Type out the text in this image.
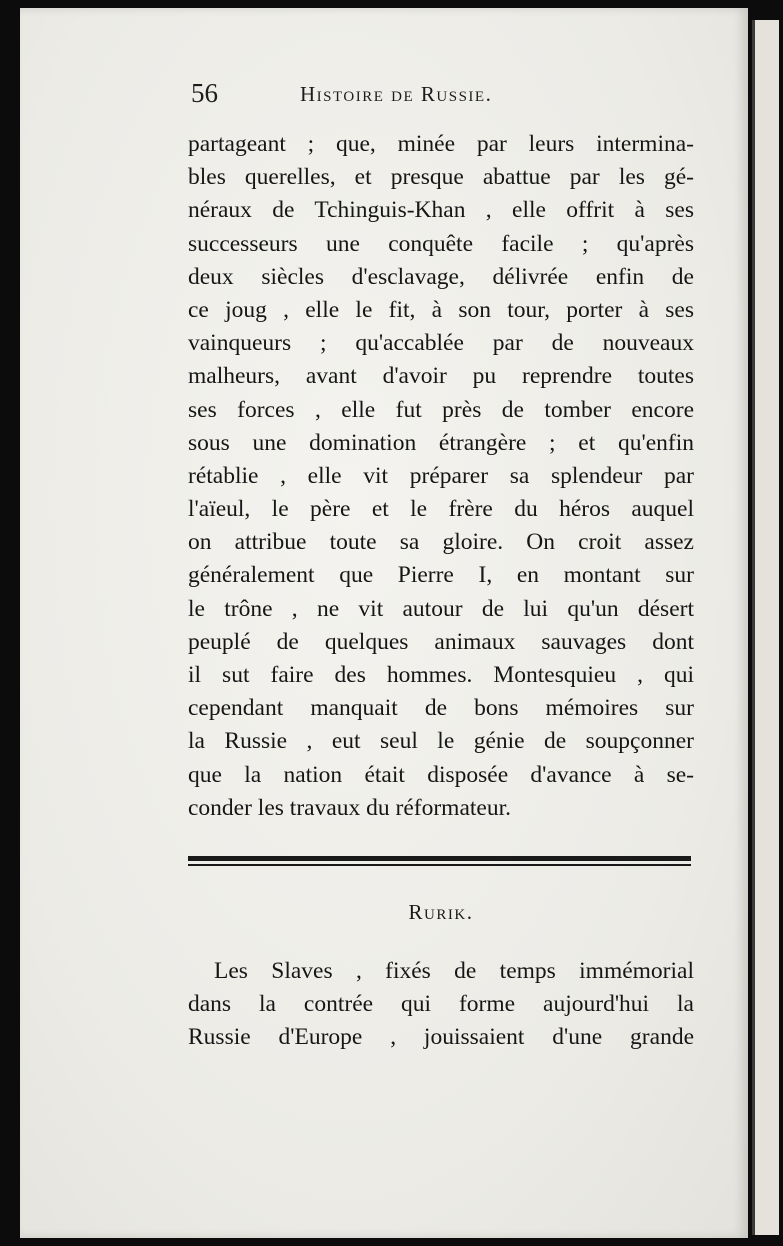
56	Histoire de Russie.
partageant ; que, minée par leurs intermina-
bles querelles, et presque abattue par les gé-
néraux de Tchinguis-Khan , elle offrit à ses
successeurs une conquête facile ; qu'après
deux siècles d'esclavage, délivrée enfin de
ce joug , elle le fit, à son tour, porter à ses
vainqueurs ; qu'accablée par de nouveaux
malheurs, avant d'avoir pu reprendre toutes
ses forces , elle fut près de tomber encore
sous une domination étrangère ; et qu'enfin
rétablie , elle vit préparer sa splendeur par
l'aïeul, le père et le frère du héros auquel
on attribue toute sa gloire. On croit assez
généralement que Pierre I, en montant sur
le trône , ne vit autour de lui qu'un désert
peuplé de quelques animaux sauvages dont
il sut faire des hommes. Montesquieu , qui
cependant manquait de bons mémoires sur
la Russie , eut seul le génie de soupçonner
que la nation était disposée d'avance à se-
conder les travaux du réformateur.
Rurik.
Les Slaves , fixés de temps immémorial
dans la contrée qui forme aujourd'hui la
Russie d'Europe , jouissaient d'une grande
